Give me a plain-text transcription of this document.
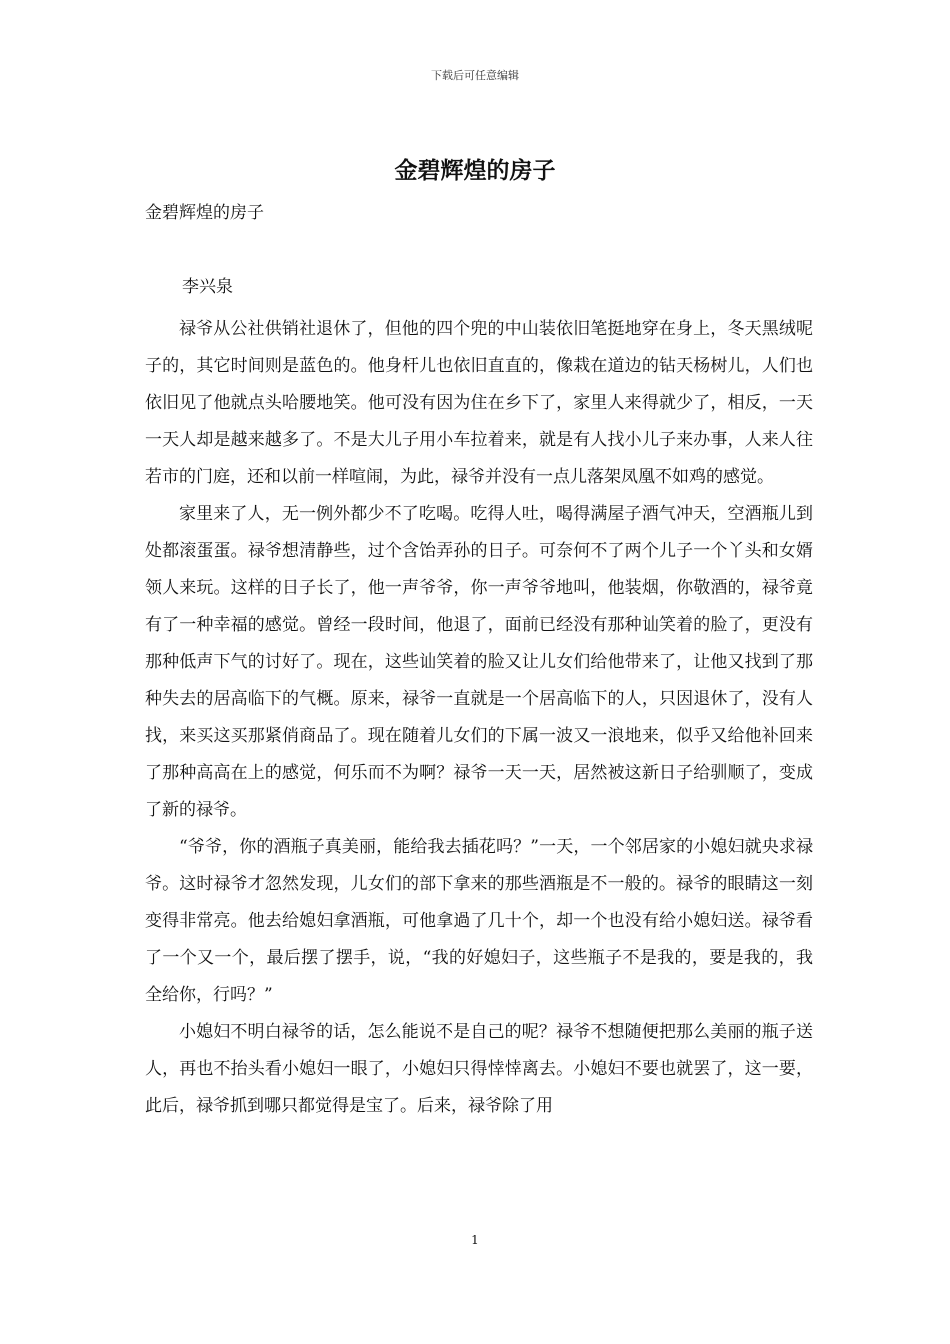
下载后可任意编辑
金碧辉煌的房子

金碧辉煌的房子

李兴泉

禄爷从公社供销社退休了，但他的四个兜的中山装依旧笔挺地穿在身上，冬天黑绒呢子的，其它时间则是蓝色的。他身杆儿也依旧直直的，像栽在道边的钻天杨树儿，人们也依旧见了他就点头哈腰地笑。他可没有因为住在乡下了，家里人来得就少了，相反，一天一天人却是越来越多了。不是大儿子用小车拉着来，就是有人找小儿子来办事，人来人往若市的门庭，还和以前一样喧闹，为此，禄爷并没有一点儿落架凤凰不如鸡的感觉。

家里来了人，无一例外都少不了吃喝。吃得人吐，喝得满屋子酒气冲天，空酒瓶儿到处都滚蛋蛋。禄爷想清静些，过个含饴弄孙的日子。可奈何不了两个儿子一个丫头和女婿领人来玩。这样的日子长了，他一声爷爷，你一声爷爷地叫，他装烟，你敬酒的，禄爷竟有了一种幸福的感觉。曾经一段时间，他退了，面前已经没有那种讪笑着的脸了，更没有那种低声下气的讨好了。现在，这些讪笑着的脸又让儿女们给他带来了，让他又找到了那种失去的居高临下的气概。原来，禄爷一直就是一个居高临下的人，只因退休了，没有人找，来买这买那紧俏商品了。现在随着儿女们的下属一波又一浪地来，似乎又给他补回来了那种高高在上的感觉，何乐而不为啊？禄爷一天一天，居然被这新日子给驯顺了，变成了新的禄爷。

“爷爷，你的酒瓶子真美丽，能给我去插花吗？”一天，一个邻居家的小媳妇就央求禄爷。这时禄爷才忽然发现，儿女们的部下拿来的那些酒瓶是不一般的。禄爷的眼睛这一刻变得非常亮。他去给媳妇拿酒瓶，可他拿過了几十个，却一个也没有给小媳妇送。禄爷看了一个又一个，最后摆了摆手，说，“我的好媳妇子，这些瓶子不是我的，要是我的，我全给你，行吗？”

小媳妇不明白禄爷的话，怎么能说不是自己的呢？禄爷不想随便把那么美丽的瓶子送人，再也不抬头看小媳妇一眼了，小媳妇只得悻悻离去。小媳妇不要也就罢了，这一要，此后，禄爷抓到哪只都觉得是宝了。后来，禄爷除了用

1
